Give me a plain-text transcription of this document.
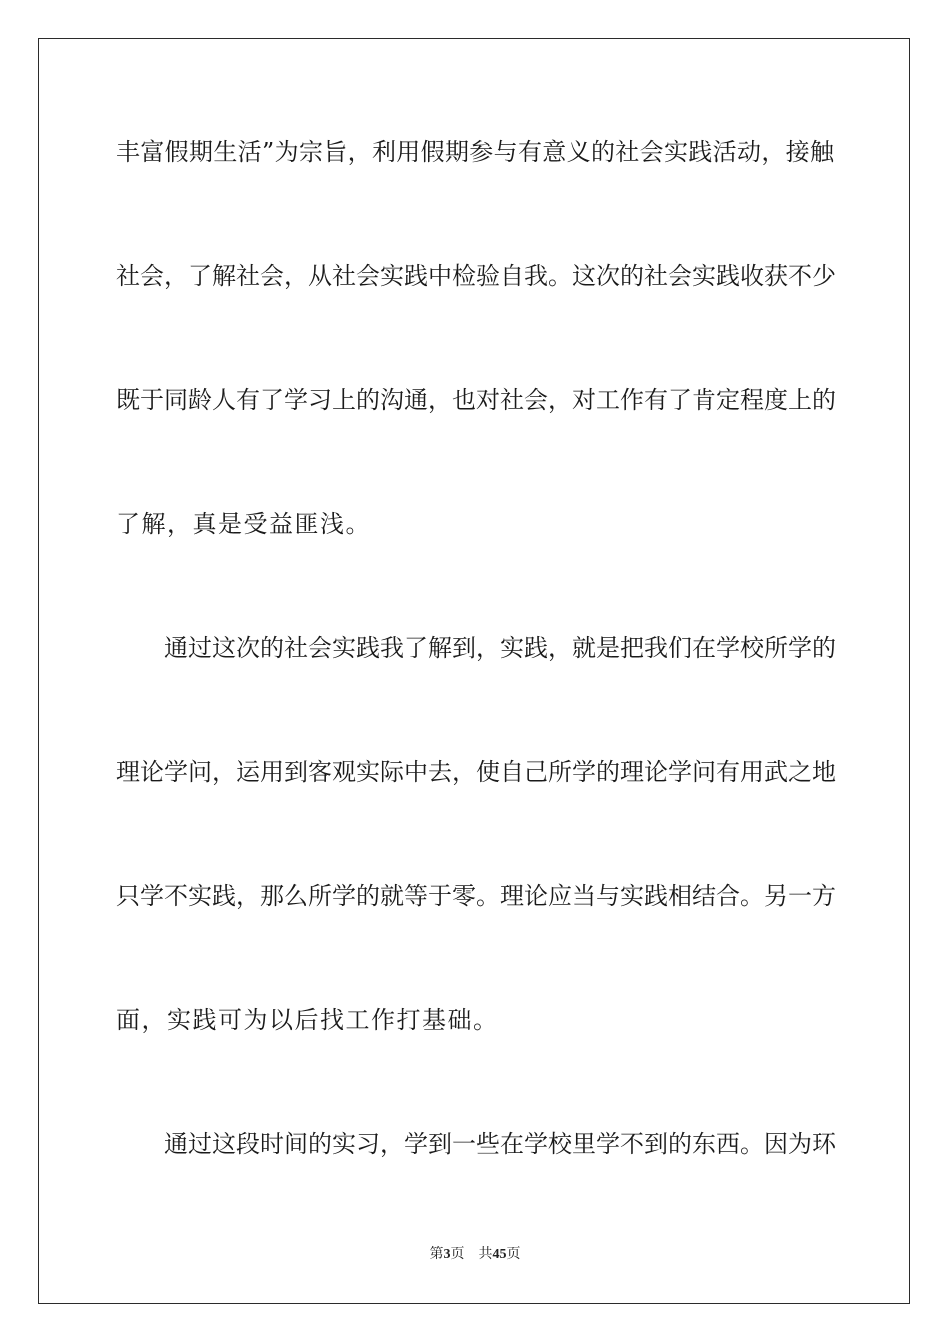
丰富假期生活”为宗旨，利用假期参与有意义的社会实践活动，接触
社会，了解社会，从社会实践中检验自我。这次的社会实践收获不少
既于同龄人有了学习上的沟通，也对社会，对工作有了肯定程度上的
了解，真是受益匪浅。
通过这次的社会实践我了解到，实践，就是把我们在学校所学的
理论学问，运用到客观实际中去，使自己所学的理论学问有用武之地
只学不实践，那么所学的就等于零。理论应当与实践相结合。另一方
面，实践可为以后找工作打基础。
通过这段时间的实习，学到一些在学校里学不到的东西。因为环
第3页 共45页
